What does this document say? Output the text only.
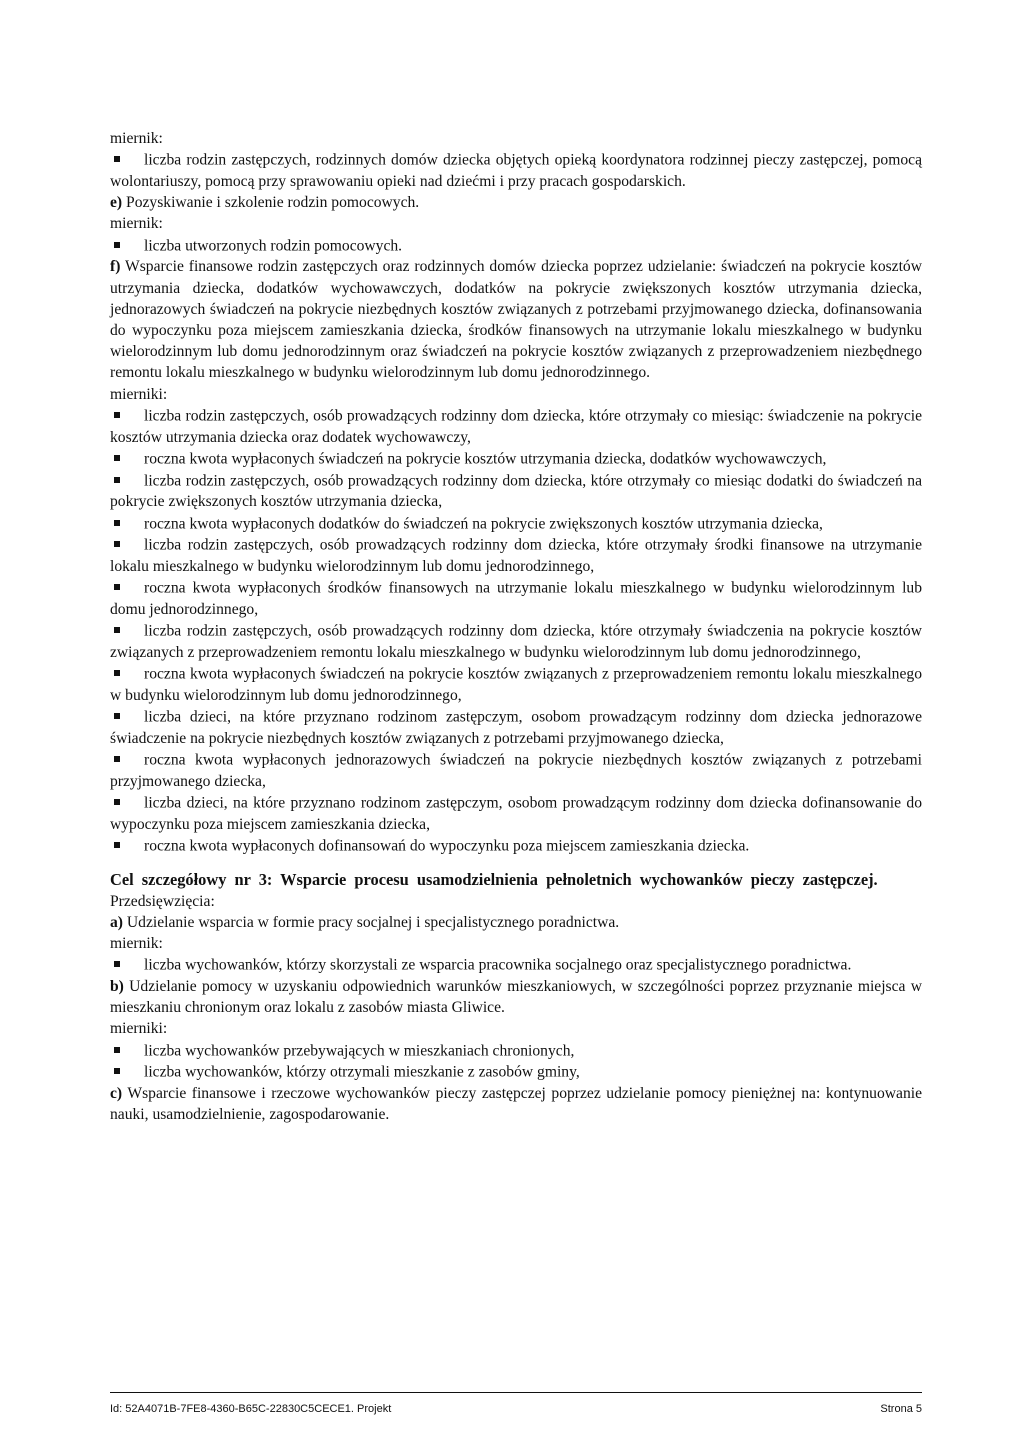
miernik:

liczba rodzin zastępczych, rodzinnych domów dziecka objętych opieką koordynatora rodzinnej pieczy zastępczej, pomocą wolontariuszy, pomocą przy sprawowaniu opieki nad dziećmi i przy pracach gospodarskich.

e) Pozyskiwanie i szkolenie rodzin pomocowych.

miernik:

liczba utworzonych rodzin pomocowych.

f) Wsparcie finansowe rodzin zastępczych oraz rodzinnych domów dziecka poprzez udzielanie: świadczeń na pokrycie kosztów utrzymania dziecka, dodatków wychowawczych, dodatków na pokrycie zwiększonych kosztów utrzymania dziecka, jednorazowych świadczeń na pokrycie niezbędnych kosztów związanych z potrzebami przyjmowanego dziecka, dofinansowania do wypoczynku poza miejscem zamieszkania dziecka, środków finansowych na utrzymanie lokalu mieszkalnego w budynku wielorodzinnym lub domu jednorodzinnym oraz świadczeń na pokrycie kosztów związanych z przeprowadzeniem niezbędnego remontu lokalu mieszkalnego w budynku wielorodzinnym lub domu jednorodzinnego.

mierniki:

liczba rodzin zastępczych, osób prowadzących rodzinny dom dziecka, które otrzymały co miesiąc: świadczenie na pokrycie kosztów utrzymania dziecka oraz dodatek wychowawczy,

roczna kwota wypłaconych świadczeń na pokrycie kosztów utrzymania dziecka, dodatków wychowawczych,

liczba rodzin zastępczych, osób prowadzących rodzinny dom dziecka, które otrzymały co miesiąc dodatki do świadczeń na pokrycie zwiększonych kosztów utrzymania dziecka,

roczna kwota wypłaconych dodatków do świadczeń na pokrycie zwiększonych kosztów utrzymania dziecka,

liczba rodzin zastępczych, osób prowadzących rodzinny dom dziecka, które otrzymały środki finansowe na utrzymanie lokalu mieszkalnego w budynku wielorodzinnym lub domu jednorodzinnego,

roczna kwota wypłaconych środków finansowych na utrzymanie lokalu mieszkalnego w budynku wielorodzinnym lub domu jednorodzinnego,

liczba rodzin zastępczych, osób prowadzących rodzinny dom dziecka, które otrzymały świadczenia na pokrycie kosztów związanych z przeprowadzeniem remontu lokalu mieszkalnego w budynku wielorodzinnym lub domu jednorodzinnego,

roczna kwota wypłaconych świadczeń na pokrycie kosztów związanych z przeprowadzeniem remontu lokalu mieszkalnego w budynku wielorodzinnym lub domu jednorodzinnego,

liczba dzieci, na które przyznano rodzinom zastępczym, osobom prowadzącym rodzinny dom dziecka jednorazowe świadczenie na pokrycie niezbędnych kosztów związanych z potrzebami przyjmowanego dziecka,

roczna kwota wypłaconych jednorazowych świadczeń na pokrycie niezbędnych kosztów związanych z potrzebami przyjmowanego dziecka,

liczba dzieci, na które przyznano rodzinom zastępczym, osobom prowadzącym rodzinny dom dziecka dofinansowanie do wypoczynku poza miejscem zamieszkania dziecka,

roczna kwota wypłaconych dofinansowań do wypoczynku poza miejscem zamieszkania dziecka.

Cel szczegółowy nr 3: Wsparcie procesu usamodzielnienia pełnoletnich wychowanków pieczy zastępczej.

Przedsięwzięcia:

a) Udzielanie wsparcia w formie pracy socjalnej i specjalistycznego poradnictwa.

miernik:

liczba wychowanków, którzy skorzystali ze wsparcia pracownika socjalnego oraz specjalistycznego poradnictwa.

b) Udzielanie pomocy w uzyskaniu odpowiednich warunków mieszkaniowych, w szczególności poprzez przyznanie miejsca w mieszkaniu chronionym oraz lokalu z zasobów miasta Gliwice.

mierniki:

liczba wychowanków przebywających w mieszkaniach chronionych,

liczba wychowanków, którzy otrzymali mieszkanie z zasobów gminy,

c) Wsparcie finansowe i rzeczowe wychowanków pieczy zastępczej poprzez udzielanie pomocy pieniężnej na: kontynuowanie nauki, usamodzielnienie, zagospodarowanie.

Id: 52A4071B-7FE8-4360-B65C-22830C5CECE1. Projekt	Strona 5
